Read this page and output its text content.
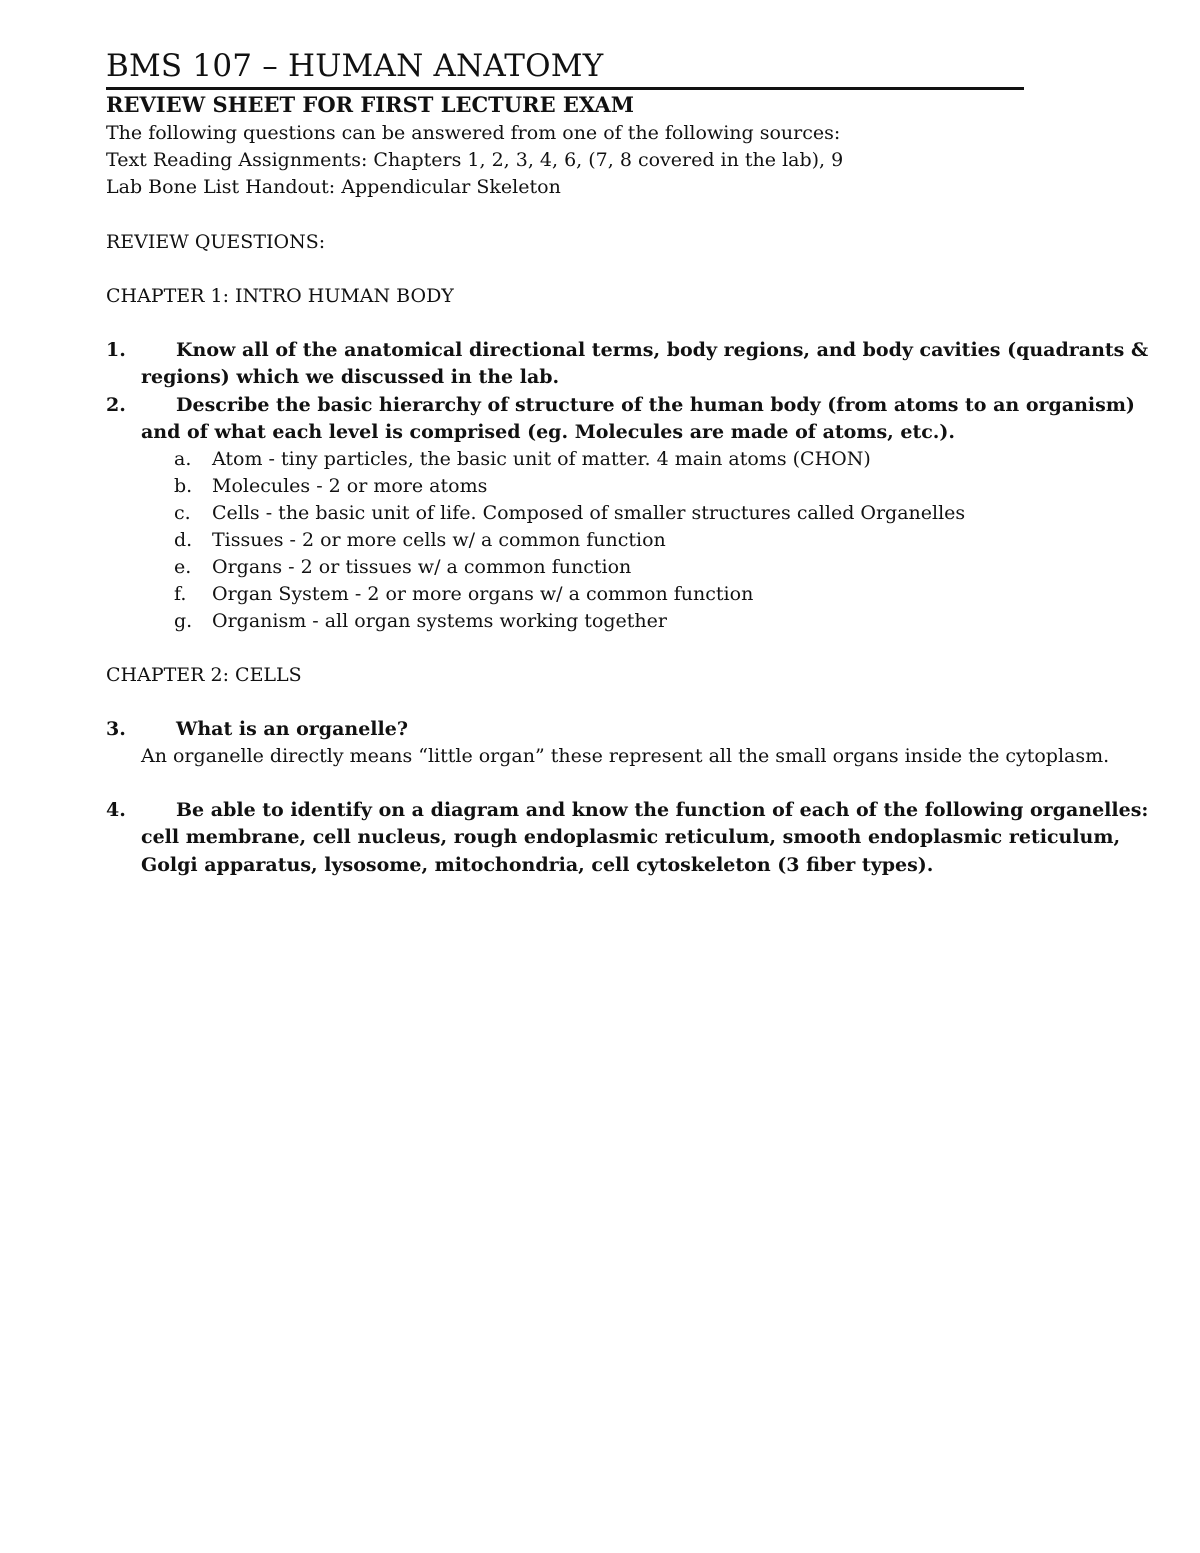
BMS 107 – HUMAN ANATOMY
REVIEW SHEET FOR FIRST LECTURE EXAM
The following questions can be answered from one of the following sources:
Text Reading Assignments: Chapters 1, 2, 3, 4, 6, (7, 8 covered in the lab), 9
Lab Bone List Handout: Appendicular Skeleton
REVIEW QUESTIONS:
CHAPTER 1: INTRO HUMAN BODY
1.	Know all of the anatomical directional terms, body regions, and body cavities (quadrants &
regions) which we discussed in the lab.
2.	Describe the basic hierarchy of structure of the human body (from atoms to an organism)
and of what each level is comprised (eg. Molecules are made of atoms, etc.).
a. Atom - tiny particles, the basic unit of matter. 4 main atoms (CHON)
b. Molecules - 2 or more atoms
c. Cells - the basic unit of life. Composed of smaller structures called Organelles
d. Tissues - 2 or more cells w/ a common function
e. Organs - 2 or tissues w/ a common function
f. Organ System - 2 or more organs w/ a common function
g. Organism - all organ systems working together
CHAPTER 2: CELLS
3.	What is an organelle?
An organelle directly means “little organ” these represent all the small organs inside the cytoplasm.
4.	Be able to identify on a diagram and know the function of each of the following organelles:
cell membrane, cell nucleus, rough endoplasmic reticulum, smooth endoplasmic reticulum,
Golgi apparatus, lysosome, mitochondria, cell cytoskeleton (3 fiber types).
